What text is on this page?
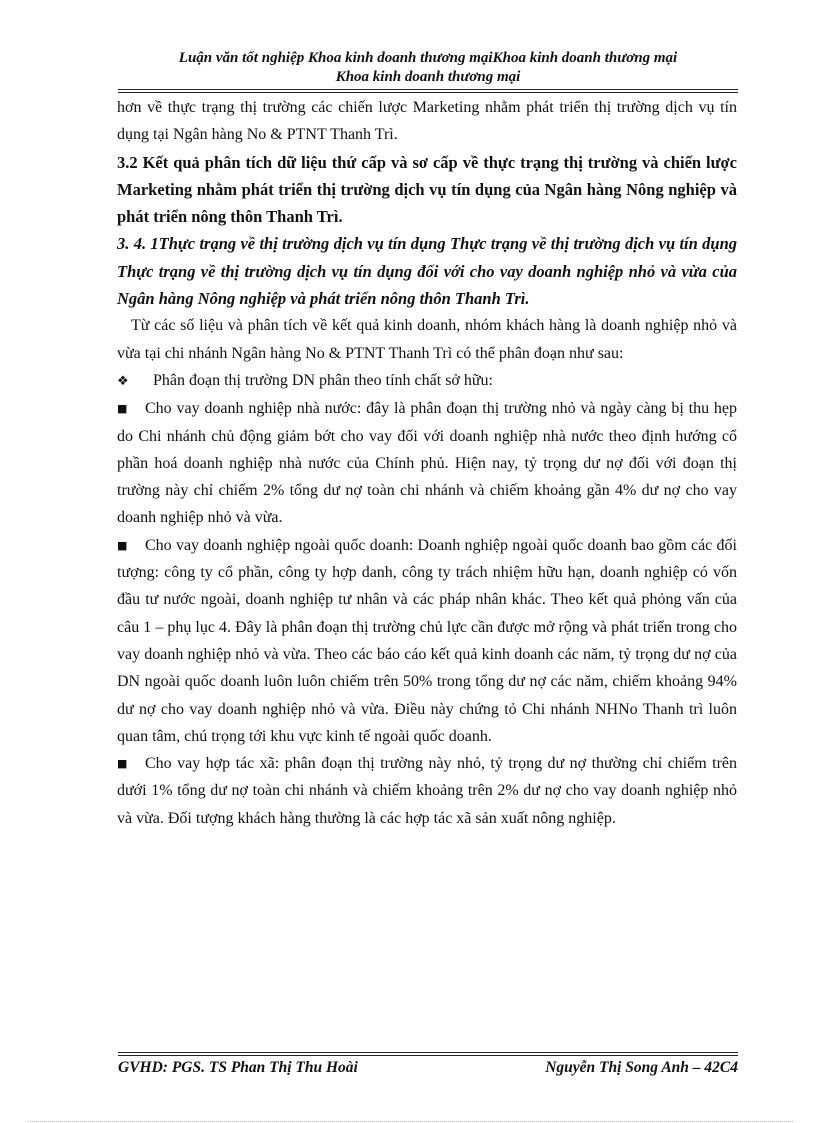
Luận văn tốt nghiệp Khoa kinh doanh thương mạiKhoa kinh doanh thương mại
Khoa kinh doanh thương mại

hơn về thực trạng thị trường các chiến lược Marketing nhằm phát triển thị trường dịch vụ tín dụng tại Ngân hàng No & PTNT Thanh Trì.

3.2 Kết quả phân tích dữ liệu thứ cấp và sơ cấp về thực trạng thị trường và chiến lược Marketing nhằm phát triển thị trường dịch vụ tín dụng của Ngân hàng Nông nghiệp và phát triển nông thôn Thanh Trì.

3. 4. 1Thực trạng về thị trường dịch vụ tín dụng Thực trạng về thị trường dịch vụ tín dụng Thực trạng về thị trường dịch vụ tín dụng đối với cho vay doanh nghiệp nhỏ và vừa của Ngân hàng Nông nghiệp và phát triển nông thôn Thanh Trì.

Từ các số liệu và phân tích về kết quả kinh doanh, nhóm khách hàng là doanh nghiệp nhỏ và vừa tại chi nhánh Ngân hàng No & PTNT Thanh Trì có thể phân đoạn như sau:

❖ Phân đoạn thị trường DN phân theo tính chất sở hữu:

■ Cho vay doanh nghiệp nhà nước: đây là phân đoạn thị trường nhỏ và ngày càng bị thu hẹp do Chi nhánh chủ động giảm bớt cho vay đối với doanh nghiệp nhà nước theo định hướng cổ phần hoá doanh nghiệp nhà nước của Chính phủ. Hiện nay, tỷ trọng dư nợ đối với đoạn thị trường này chỉ chiếm 2% tổng dư nợ toàn chi nhánh và chiếm khoảng gần 4% dư nợ cho vay doanh nghiệp nhỏ và vừa.

■ Cho vay doanh nghiệp ngoài quốc doanh: Doanh nghiệp ngoài quốc doanh bao gồm các đối tượng: công ty cổ phần, công ty hợp danh, công ty trách nhiệm hữu hạn, doanh nghiệp có vốn đầu tư nước ngoài, doanh nghiệp tư nhân và các pháp nhân khác. Theo kết quả phỏng vấn của câu 1 – phụ lục 4. Đây là phân đoạn thị trường chủ lực cần được mở rộng và phát triển trong cho vay doanh nghiệp nhỏ và vừa. Theo các báo cáo kết quả kinh doanh các năm, tỷ trọng dư nợ của DN ngoài quốc doanh luôn luôn chiếm trên 50% trong tổng dư nợ các năm, chiếm khoảng 94% dư nợ cho vay doanh nghiệp nhỏ và vừa. Điều này chứng tỏ Chi nhánh NHNo Thanh trì luôn quan tâm, chú trọng tới khu vực kinh tế ngoài quốc doanh.

■ Cho vay hợp tác xã: phân đoạn thị trường này nhỏ, tỷ trọng dư nợ thường chỉ chiếm trên dưới 1% tổng dư nợ toàn chi nhánh và chiếm khoảng trên 2% dư nợ cho vay doanh nghiệp nhỏ và vừa. Đối tượng khách hàng thường là các hợp tác xã sản xuất nông nghiệp.

GVHD: PGS. TS Phan Thị Thu Hoài	Nguyễn Thị Song Anh – 42C4
